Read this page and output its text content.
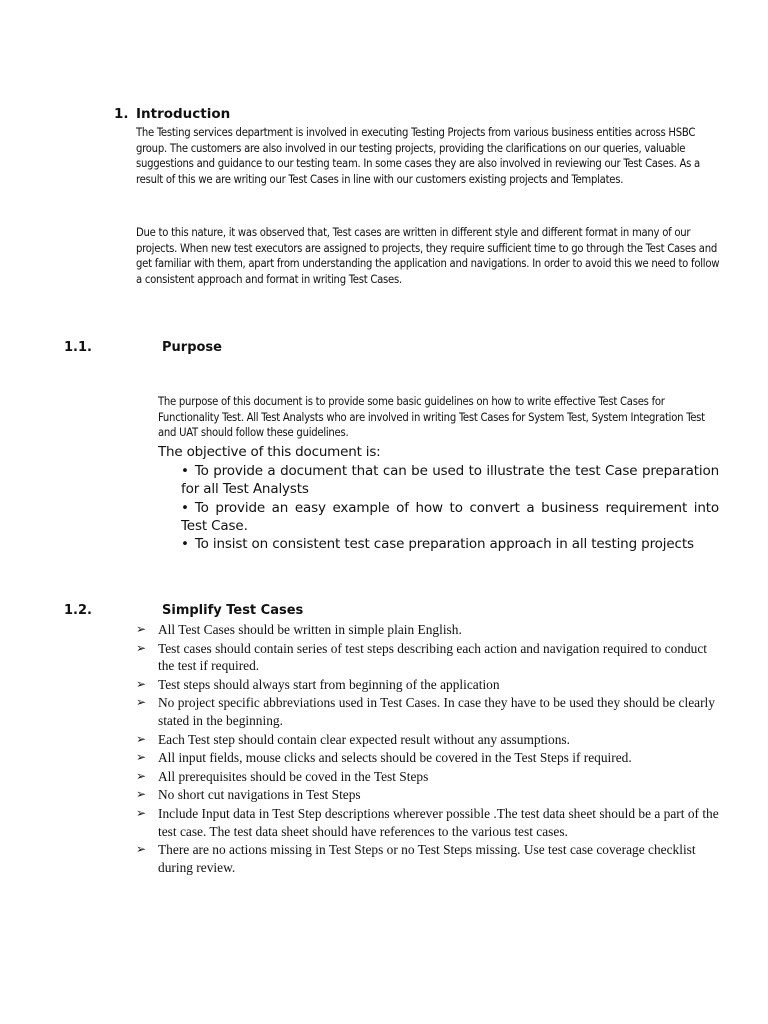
1. Introduction

The Testing services department is involved in executing Testing Projects from various business entities across HSBC group. The customers are also involved in our testing projects, providing the clarifications on our queries, valuable suggestions and guidance to our testing team. In some cases they are also involved in reviewing our Test Cases. As a result of this we are writing our Test Cases in line with our customers existing projects and Templates.

Due to this nature, it was observed that, Test cases are written in different style and different format in many of our projects. When new test executors are assigned to projects, they require sufficient time to go through the Test Cases and get familiar with them, apart from understanding the application and navigations. In order to avoid this we need to follow a consistent approach and format in writing Test Cases.

1.1.	Purpose

The purpose of this document is to provide some basic guidelines on how to write effective Test Cases for Functionality Test. All Test Analysts who are involved in writing Test Cases for System Test, System Integration Test and UAT should follow these guidelines.

The objective of this document is:
• To provide a document that can be used to illustrate the test Case preparation for all Test Analysts
• To provide an easy example of how to convert a business requirement into Test Case.
• To insist on consistent test case preparation approach in all testing projects
1.2.	Simplify Test Cases
➢ All Test Cases should be written in simple plain English.
➢ Test cases should contain series of test steps describing each action and navigation required to conduct the test if required.
➢ Test steps should always start from beginning of the application
➢ No project specific abbreviations used in Test Cases. In case they have to be used they should be clearly stated in the beginning.
➢ Each Test step should contain clear expected result without any assumptions.
➢ All input fields, mouse clicks and selects should be covered in the Test Steps if required.
➢ All prerequisites should be coved in the Test Steps
➢ No short cut navigations in Test Steps
➢ Include Input data in Test Step descriptions wherever possible .The test data sheet should be a part of the test case. The test data sheet should have references to the various test cases.
➢ There are no actions missing in Test Steps or no Test Steps missing. Use test case coverage checklist during review.
